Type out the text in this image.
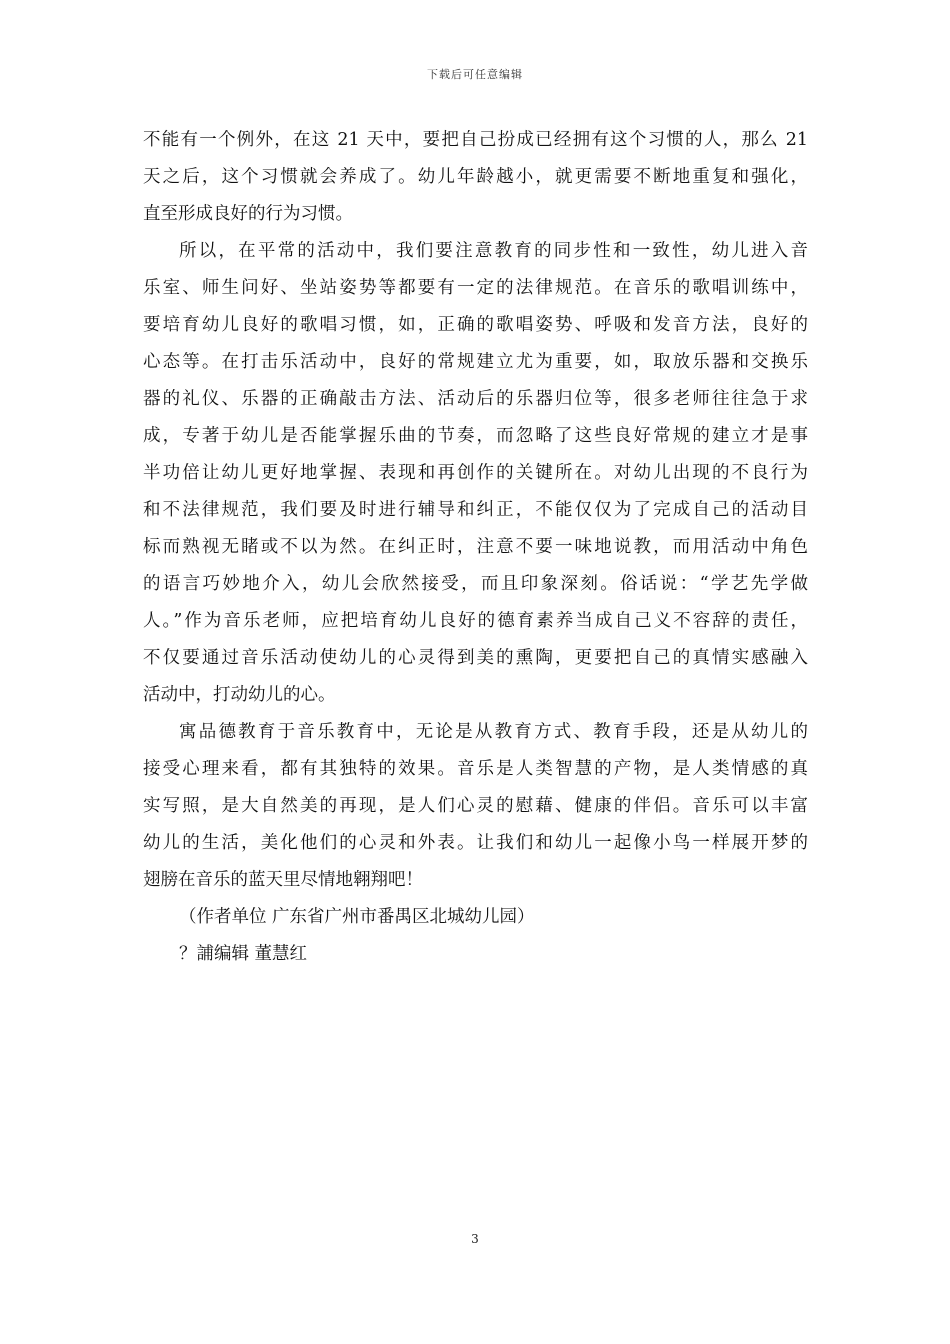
下载后可任意编辑
不能有一个例外，在这 21 天中，要把自己扮成已经拥有这个习惯的人，那么 21
天之后，这个习惯就会养成了。幼儿年龄越小，就更需要不断地重复和强化，
直至形成良好的行为习惯。
所以，在平常的活动中，我们要注意教育的同步性和一致性，幼儿进入音
乐室、师生问好、坐站姿势等都要有一定的法律规范。在音乐的歌唱训练中，
要培育幼儿良好的歌唱习惯，如，正确的歌唱姿势、呼吸和发音方法，良好的
心态等。在打击乐活动中，良好的常规建立尤为重要，如，取放乐器和交换乐
器的礼仪、乐器的正确敲击方法、活动后的乐器归位等，很多老师往往急于求
成，专著于幼儿是否能掌握乐曲的节奏，而忽略了这些良好常规的建立才是事
半功倍让幼儿更好地掌握、表现和再创作的关键所在。对幼儿出现的不良行为
和不法律规范，我们要及时进行辅导和纠正，不能仅仅为了完成自己的活动目
标而熟视无睹或不以为然。在纠正时，注意不要一味地说教，而用活动中角色
的语言巧妙地介入，幼儿会欣然接受，而且印象深刻。俗话说：“学艺先学做
人。”作为音乐老师，应把培育幼儿良好的德育素养当成自己义不容辞的责任，
不仅要通过音乐活动使幼儿的心灵得到美的熏陶，更要把自己的真情实感融入
活动中，打动幼儿的心。
寓品德教育于音乐教育中，无论是从教育方式、教育手段，还是从幼儿的
接受心理来看，都有其独特的效果。音乐是人类智慧的产物，是人类情感的真
实写照，是大自然美的再现，是人们心灵的慰藉、健康的伴侣。音乐可以丰富
幼儿的生活，美化他们的心灵和外表。让我们和幼儿一起像小鸟一样展开梦的
翅膀在音乐的蓝天里尽情地翱翔吧！
（作者单位 广东省广州市番禺区北城幼儿园）
？誧编辑 董慧红
3
